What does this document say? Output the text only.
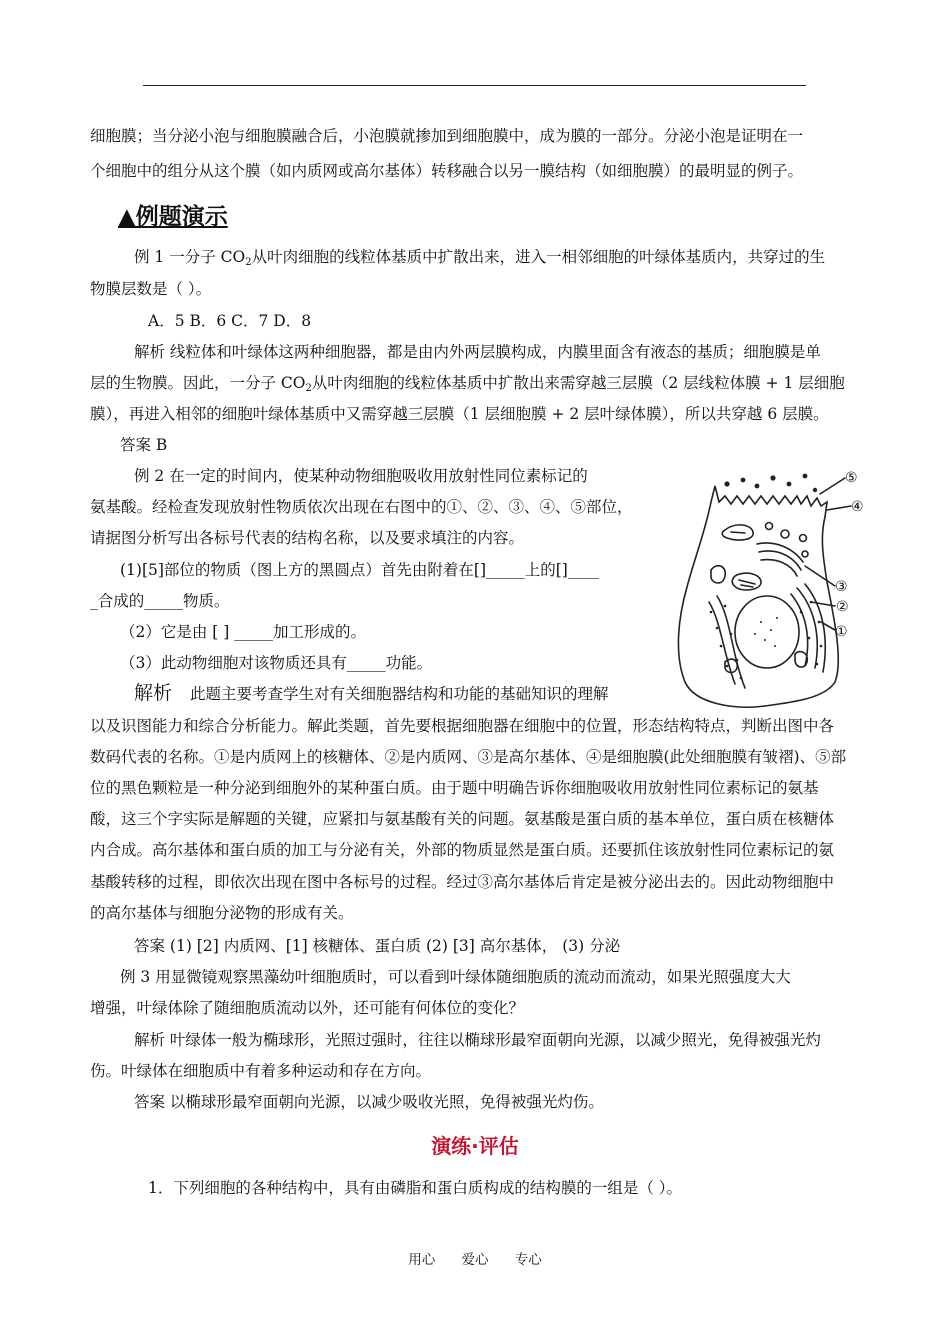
细胞膜；当分泌小泡与细胞膜融合后，小泡膜就掺加到细胞膜中，成为膜的一部分。分泌小泡是证明在一
个细胞中的组分从这个膜（如内质网或高尔基体）转移融合以另一膜结构（如细胞膜）的最明显的例子。
▲例题演示
例 1 一分子 $CO_2$从叶肉细胞的线粒体基质中扩散出来，进入一相邻细胞的叶绿体基质内，共穿过的生
物膜层数是（ ）。
A．5 B．6 C．7 D．8
解析 线粒体和叶绿体这两种细胞器，都是由内外两层膜构成，内膜里面含有液态的基质；细胞膜是单
层的生物膜。因此，一分子 $CO_2$从叶肉细胞的线粒体基质中扩散出来需穿越三层膜（2 层线粒体膜 + 1 层细胞
膜），再进入相邻的细胞叶绿体基质中又需穿越三层膜（1 层细胞膜 + 2 层叶绿体膜），所以共穿越 6 层膜。
答案 B
例 2 在一定的时间内，使某种动物细胞吸收用放射性同位素标记的
氨基酸。经检查发现放射性物质依次出现在右图中的①、②、③、④、⑤部位，
请据图分析写出各标号代表的结构名称，以及要求填注的内容。
(1)[5]部位的物质（图上方的黑圆点）首先由附着在[]_____上的[]____
_合成的_____物质。
（2）它是由 [ ] _____加工形成的。
（3）此动物细胞对该物质还具有_____功能。
解析 此题主要考查学生对有关细胞器结构和功能的基础知识的理解
以及识图能力和综合分析能力。解此类题，首先要根据细胞器在细胞中的位置，形态结构特点，判断出图中各
数码代表的名称。①是内质网上的核糖体、②是内质网、③是高尔基体、④是细胞膜(此处细胞膜有皱褶)、⑤部
位的黑色颗粒是一种分泌到细胞外的某种蛋白质。由于题中明确告诉你细胞吸收用放射性同位素标记的氨基
酸，这三个字实际是解题的关键，应紧扣与氨基酸有关的问题。氨基酸是蛋白质的基本单位，蛋白质在核糖体
内合成。高尔基体和蛋白质的加工与分泌有关，外部的物质显然是蛋白质。还要抓住该放射性同位素标记的氨
基酸转移的过程，即依次出现在图中各标号的过程。经过③高尔基体后肯定是被分泌出去的。因此动物细胞中
的高尔基体与细胞分泌物的形成有关。
答案 (1) [2] 内质网、[1] 核糖体、蛋白质 (2) [3] 高尔基体， (3) 分泌
例 3 用显微镜观察黑藻幼叶细胞质时，可以看到叶绿体随细胞质的流动而流动，如果光照强度大大
增强，叶绿体除了随细胞质流动以外，还可能有何体位的变化？
解析 叶绿体一般为椭球形，光照过强时，往往以椭球形最窄面朝向光源，以减少照光，免得被强光灼
伤。叶绿体在细胞质中有着多种运动和存在方向。
答案 以椭球形最窄面朝向光源，以减少吸收光照，免得被强光灼伤。
演练·评估
1．下列细胞的各种结构中，具有由磷脂和蛋白质构成的结构膜的一组是（ ）。
⑤
④
③
②
①
用心 爱心 专心
